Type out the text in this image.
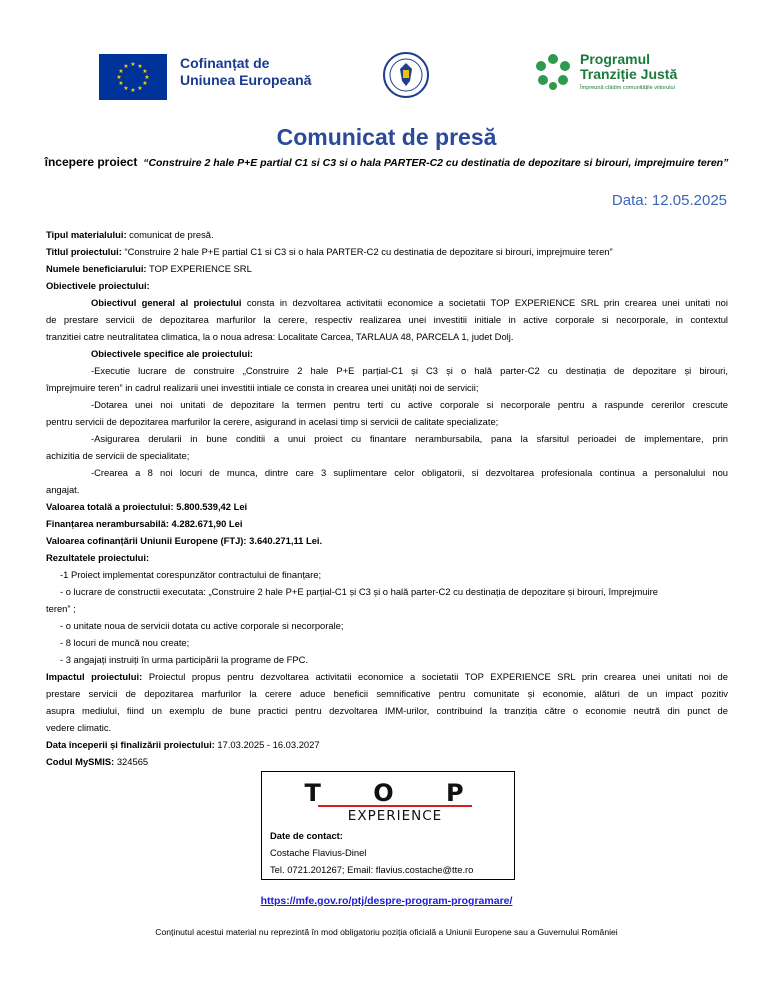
★ ★
★
★
★
★
★
★
★
★
★
★	Cofinanțat de
Uniunea Europeană
Programul
Tranziție Justă
Împreună clădim comunitățile viitorului
Comunicat de presă
începere proiect “Construire 2 hale P+E partial C1 si C3 si o hala PARTER-C2 cu destinatia de depozitare si birouri, imprejmuire teren”
Data: 12.05.2025
Tipul materialului: comunicat de presă.
Titlul proiectului: “Construire 2 hale P+E partial C1 si C3 si o hala PARTER-C2 cu destinatia de depozitare si birouri, imprejmuire teren”
Numele beneficiarului: TOP EXPERIENCE SRL
Obiectivele proiectului:
Obiectivul general al proiectului consta in dezvoltarea activitatii economice a societatii TOP EXPERIENCE SRL prin crearea unei unitati noi
de prestare servicii de depozitarea marfurilor la cerere, respectiv realizarea unei investitii initiale in active corporale si necorporale, in contextul
tranzitiei catre neutralitatea climatica, la o noua adresa: Localitate Carcea, TARLAUA 48, PARCELA 1, judet Dolj.
Obiectivele specifice ale proiectului:
-Executie lucrare de construire „Construire 2 hale P+E parțial-C1 și C3 și o hală parter-C2 cu destinația de depozitare și birouri,
împrejmuire teren” in cadrul realizarii unei investitii intiale ce consta in crearea unei unități noi de servicii;
-Dotarea unei noi unitati de depozitare la termen pentru terti cu active corporale si necorporale pentru a raspunde cererilor crescute
pentru servicii de depozitarea marfurilor la cerere, asigurand in acelasi timp si servicii de calitate specializate;
-Asigurarea derularii in bune conditii a unui proiect cu finantare nerambursabila, pana la sfarsitul perioadei de implementare, prin
achizitia de servicii de specialitate;
-Crearea a 8 noi locuri de munca, dintre care 3 suplimentare celor obligatorii, si dezvoltarea profesionala continua a personalului nou
angajat.
Valoarea totală a proiectului: 5.800.539,42 Lei
Finanțarea nerambursabilă: 4.282.671,90 Lei
Valoarea cofinanțării Uniunii Europene (FTJ): 3.640.271,11 Lei.
Rezultatele proiectului:
-1 Proiect implementat corespunzător contractului de finanțare;
- o lucrare de constructii executata: „Construire 2 hale P+E parțial-C1 și C3 și o hală parter-C2 cu destinația de depozitare și birouri, împrejmuire
teren” ;
- o unitate noua de servicii dotata cu active corporale si necorporale;
- 8 locuri de muncă nou create;
- 3 angajați instruiți în urma participării la programe de FPC.
Impactul proiectului: Proiectul propus pentru dezvoltarea activitatii economice a societatii TOP EXPERIENCE SRL prin crearea unei unitati noi de
prestare servicii de depozitarea marfurilor la cerere aduce beneficii semnificative pentru comunitate și economie, alături de un impact pozitiv
asupra mediului, fiind un exemplu de bune practici pentru dezvoltarea IMM-urilor, contribuind la tranziția către o economie neutră din punct de
vedere climatic.
Data începerii și finalizării proiectului: 17.03.2025 - 16.03.2027
Codul MySMIS: 324565
T O P
EXPERIENCE
Date de contact:
Costache Flavius-Dinel
Tel. 0721.201267; Email: flavius.costache@tte.ro
https://mfe.gov.ro/ptj/despre-program-programare/
Conținutul acestui material nu reprezintă în mod obligatoriu poziția oficială a Uniunii Europene sau a Guvernului României
